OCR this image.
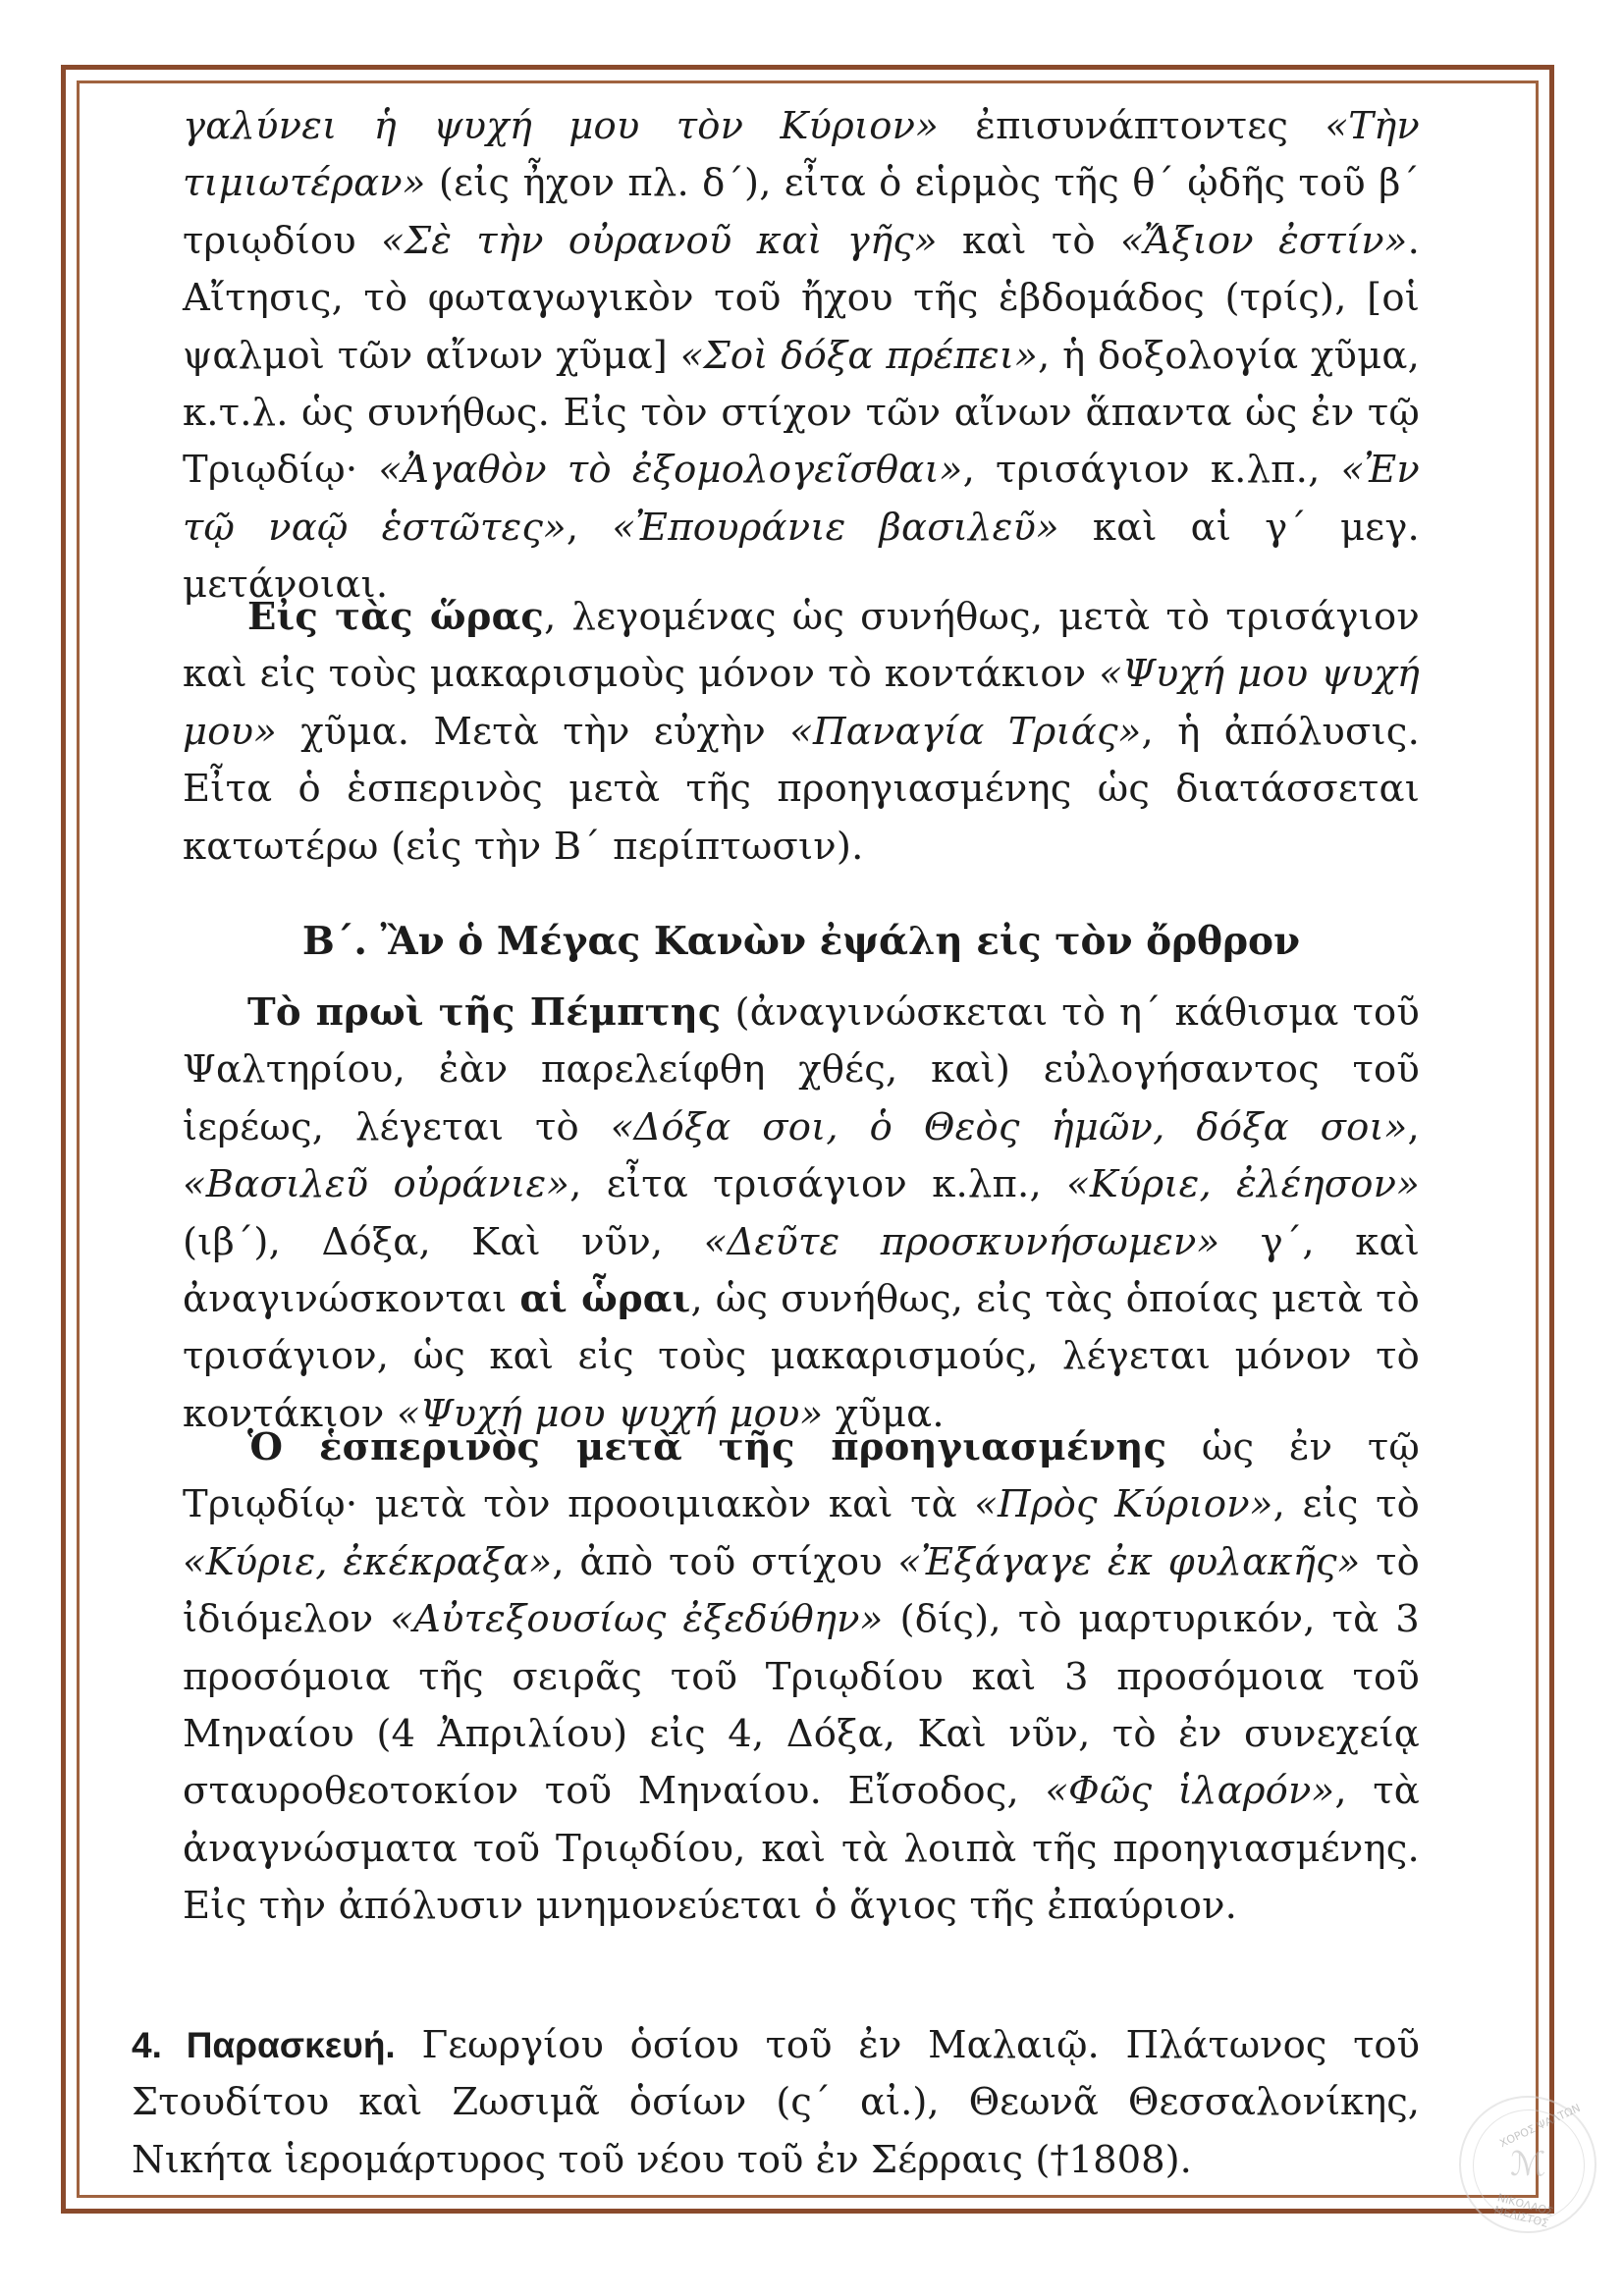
γαλύνει ἡ ψυχή μου τὸν Κύριον» ἐπισυνάπτοντες «Τὴν τιμιωτέραν» (εἰς ἦχον πλ. δ΄), εἶτα ὁ εἱρμὸς τῆς θ΄ ᾠδῆς τοῦ β΄ τριῳδίου «Σὲ τὴν οὐρανοῦ καὶ γῆς» καὶ τὸ «Ἄξιον ἐστίν». Αἴτησις, τὸ φωταγωγικὸν τοῦ ἤχου τῆς ἑβδομάδος (τρίς), [οἱ ψαλμοὶ τῶν αἴνων χῦμα] «Σοὶ δόξα πρέπει», ἡ δοξολογία χῦμα, κ.τ.λ. ὡς συνήθως. Εἰς τὸν στίχον τῶν αἴνων ἅπαντα ὡς ἐν τῷ Τριῳδίῳ· «Ἀγαθὸν τὸ ἐξομολογεῖσθαι», τρισάγιον κ.λπ., «Ἐν τῷ ναῷ ἑστῶτες», «Ἐπουράνιε βασιλεῦ» καὶ αἱ γ΄ μεγ. μετάνοιαι.

Εἰς τὰς ὥρας, λεγομένας ὡς συνήθως, μετὰ τὸ τρισάγιον καὶ εἰς τοὺς μακαρισμοὺς μόνον τὸ κοντάκιον «Ψυχή μου ψυχή μου» χῦμα. Μετὰ τὴν εὐχὴν «Παναγία Τριάς», ἡ ἀπόλυσις. Εἶτα ὁ ἑσπερινὸς μετὰ τῆς προηγιασμένης ὡς διατάσσεται κατωτέρω (εἰς τὴν Β΄ περίπτωσιν).

Β΄. Ἂν ὁ Μέγας Κανὼν ἐψάλη εἰς τὸν ὄρθρον

Τὸ πρωὶ τῆς Πέμπτης (ἀναγινώσκεται τὸ η΄ κάθισμα τοῦ Ψαλτηρίου, ἐὰν παρελείφθη χθές, καὶ) εὐλογήσαντος τοῦ ἱερέως, λέγεται τὸ «Δόξα σοι, ὁ Θεὸς ἡμῶν, δόξα σοι», «Βασιλεῦ οὐράνιε», εἶτα τρισάγιον κ.λπ., «Κύριε, ἐλέησον» (ιβ΄), Δόξα, Καὶ νῦν, «Δεῦτε προσκυνήσωμεν» γ΄, καὶ ἀναγινώσκονται αἱ ὧραι, ὡς συνήθως, εἰς τὰς ὁποίας μετὰ τὸ τρισάγιον, ὡς καὶ εἰς τοὺς μακαρισμούς, λέγεται μόνον τὸ κοντάκιον «Ψυχή μου ψυχή μου» χῦμα.

Ὁ ἑσπερινὸς μετὰ τῆς προηγιασμένης ὡς ἐν τῷ Τριῳδίῳ· μετὰ τὸν προοιμιακὸν καὶ τὰ «Πρὸς Κύριον», εἰς τὸ «Κύριε, ἐκέκραξα», ἀπὸ τοῦ στίχου «Ἐξάγαγε ἐκ φυλακῆς» τὸ ἰδιόμελον «Αὐτεξουσίως ἐξεδύθην» (δίς), τὸ μαρτυρικόν, τὰ 3 προσόμοια τῆς σειρᾶς τοῦ Τριῳδίου καὶ 3 προσόμοια τοῦ Μηναίου (4 Ἀπριλίου) εἰς 4, Δόξα, Καὶ νῦν, τὸ ἐν συνεχείᾳ σταυροθεοτοκίον τοῦ Μηναίου. Εἴσοδος, «Φῶς ἱλαρόν», τὰ ἀναγνώσματα τοῦ Τριῳδίου, καὶ τὰ λοιπὰ τῆς προηγιασμένης. Εἰς τὴν ἀπόλυσιν μνημονεύεται ὁ ἅγιος τῆς ἐπαύριον.

4. Παρασκευή. Γεωργίου ὁσίου τοῦ ἐν Μαλαιῷ. Πλάτωνος τοῦ Στουδίτου καὶ Ζωσιμᾶ ὁσίων (ς΄ αἰ.), Θεωνᾶ Θεσσαλονίκης, Νικήτα ἱερομάρτυρος τοῦ νέου τοῦ ἐν Σέρραις (†1808).
ΧΟΡΟΣ ΨΑΛΤΩΝ
ℳ
ΝΙΚΟΛΑΟΣ ΜΕΛΙΣΤΟΣ
